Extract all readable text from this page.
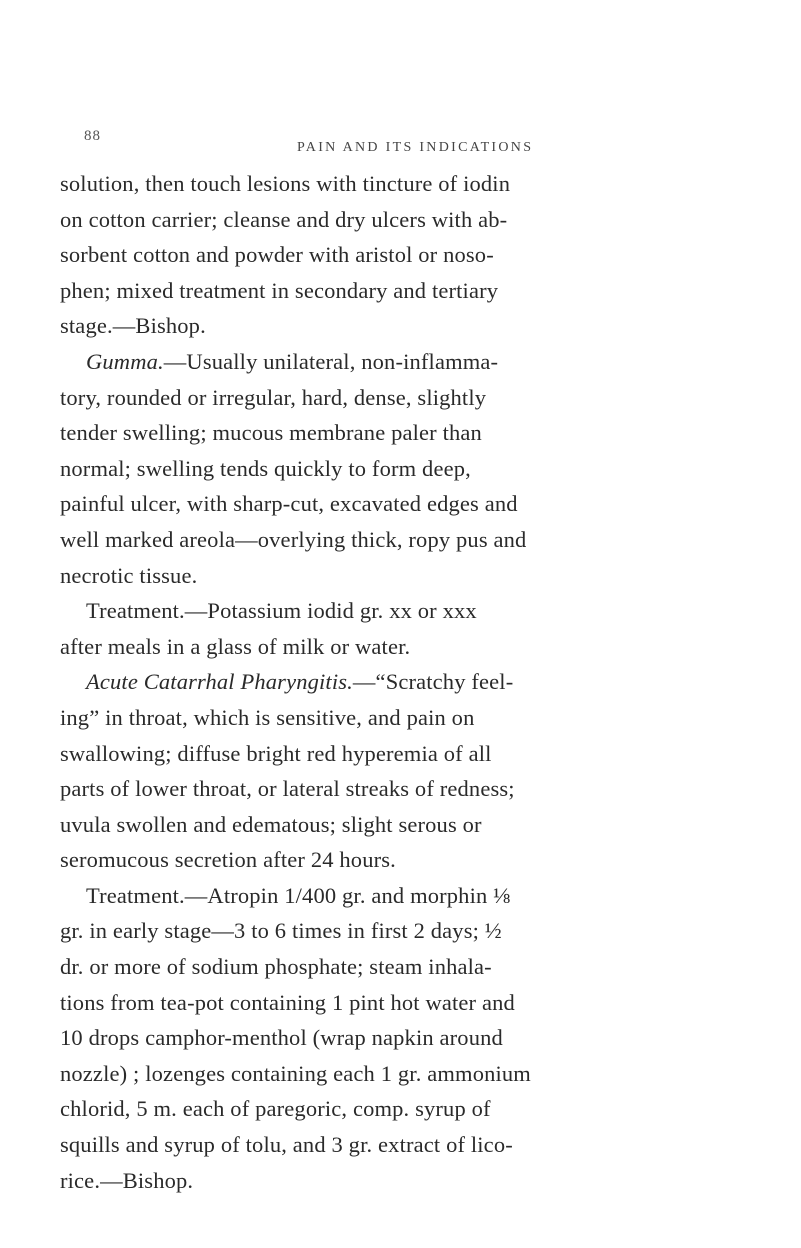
88
PAIN AND ITS INDICATIONS
solution, then touch lesions with tincture of iodin
on cotton carrier; cleanse and dry ulcers with ab-
sorbent cotton and powder with aristol or noso-
phen; mixed treatment in secondary and tertiary
stage.—Bishop.
Gumma.—Usually unilateral, non-inflamma-
tory, rounded or irregular, hard, dense, slightly
tender swelling; mucous membrane paler than
normal; swelling tends quickly to form deep,
painful ulcer, with sharp-cut, excavated edges and
well marked areola—overlying thick, ropy pus and
necrotic tissue.
Treatment.—Potassium iodid gr. xx or xxx
after meals in a glass of milk or water.
Acute Catarrhal Pharyngitis.—“Scratchy feel-
ing” in throat, which is sensitive, and pain on
swallowing; diffuse bright red hyperemia of all
parts of lower throat, or lateral streaks of redness;
uvula swollen and edematous; slight serous or
seromucous secretion after 24 hours.
Treatment.—Atropin 1/400 gr. and morphin ⅛
gr. in early stage—3 to 6 times in first 2 days; ½
dr. or more of sodium phosphate; steam inhala-
tions from tea-pot containing 1 pint hot water and
10 drops camphor-menthol (wrap napkin around
nozzle) ; lozenges containing each 1 gr. ammonium
chlorid, 5 m. each of paregoric, comp. syrup of
squills and syrup of tolu, and 3 gr. extract of lico-
rice.—Bishop.
